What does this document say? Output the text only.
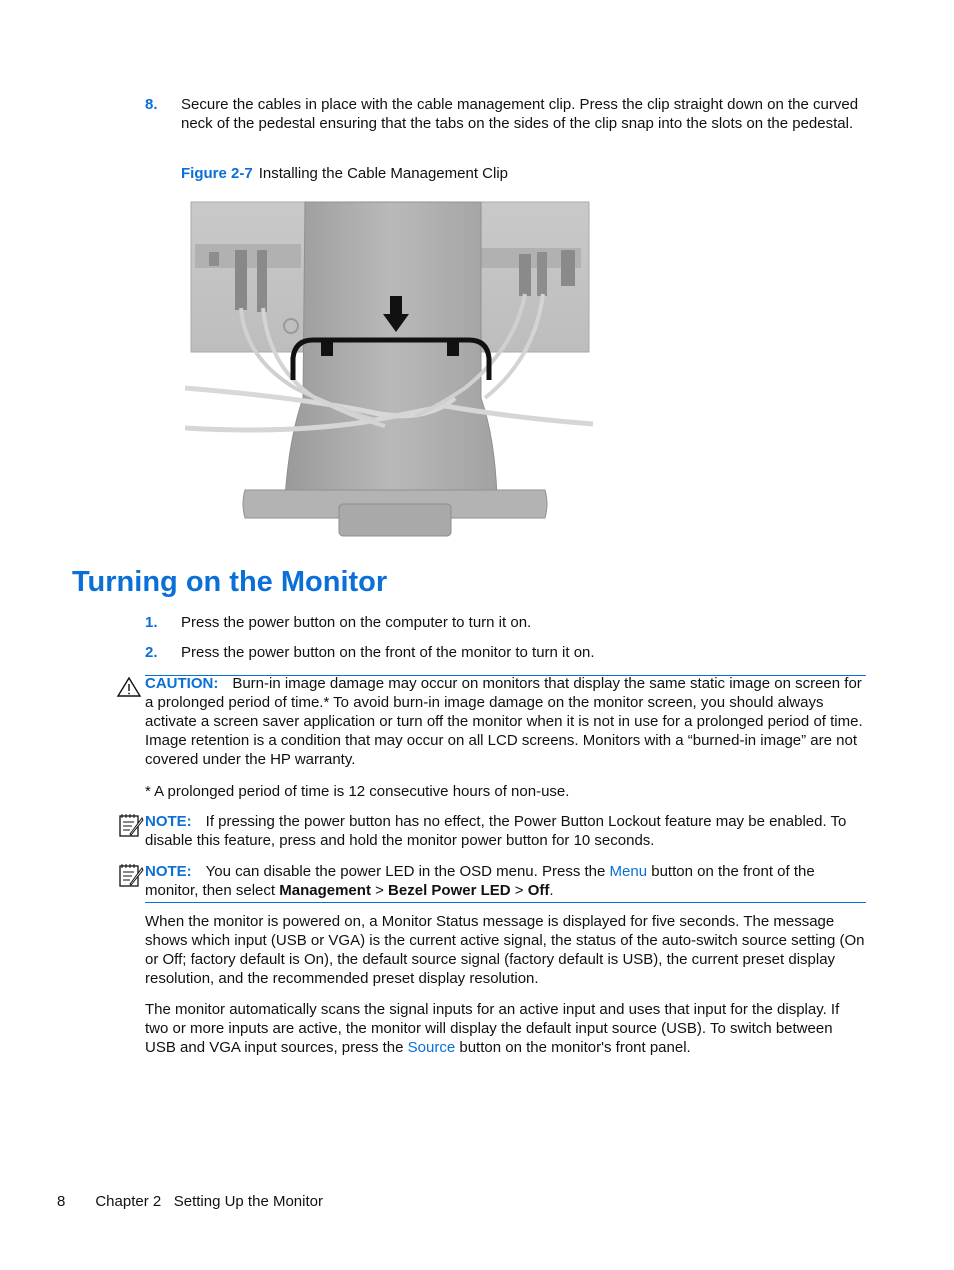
8. Secure the cables in place with the cable management clip. Press the clip straight down on the curved neck of the pedestal ensuring that the tabs on the sides of the clip snap into the slots on the pedestal.
Figure 2-7 Installing the Cable Management Clip
Turning on the Monitor
1. Press the power button on the computer to turn it on.
2. Press the power button on the front of the monitor to turn it on.
CAUTION: Burn-in image damage may occur on monitors that display the same static image on screen for a prolonged period of time.* To avoid burn-in image damage on the monitor screen, you should always activate a screen saver application or turn off the monitor when it is not in use for a prolonged period of time. Image retention is a condition that may occur on all LCD screens. Monitors with a “burned-in image” are not covered under the HP warranty.
* A prolonged period of time is 12 consecutive hours of non-use.
NOTE: If pressing the power button has no effect, the Power Button Lockout feature may be enabled. To disable this feature, press and hold the monitor power button for 10 seconds.
NOTE: You can disable the power LED in the OSD menu. Press the Menu button on the front of the monitor, then select Management > Bezel Power LED > Off.
When the monitor is powered on, a Monitor Status message is displayed for five seconds. The message shows which input (USB or VGA) is the current active signal, the status of the auto-switch source setting (On or Off; factory default is On), the default source signal (factory default is USB), the current preset display resolution, and the recommended preset display resolution.
The monitor automatically scans the signal inputs for an active input and uses that input for the display. If two or more inputs are active, the monitor will display the default input source (USB). To switch between USB and VGA input sources, press the Source button on the monitor's front panel.
8 Chapter 2   Setting Up the Monitor
